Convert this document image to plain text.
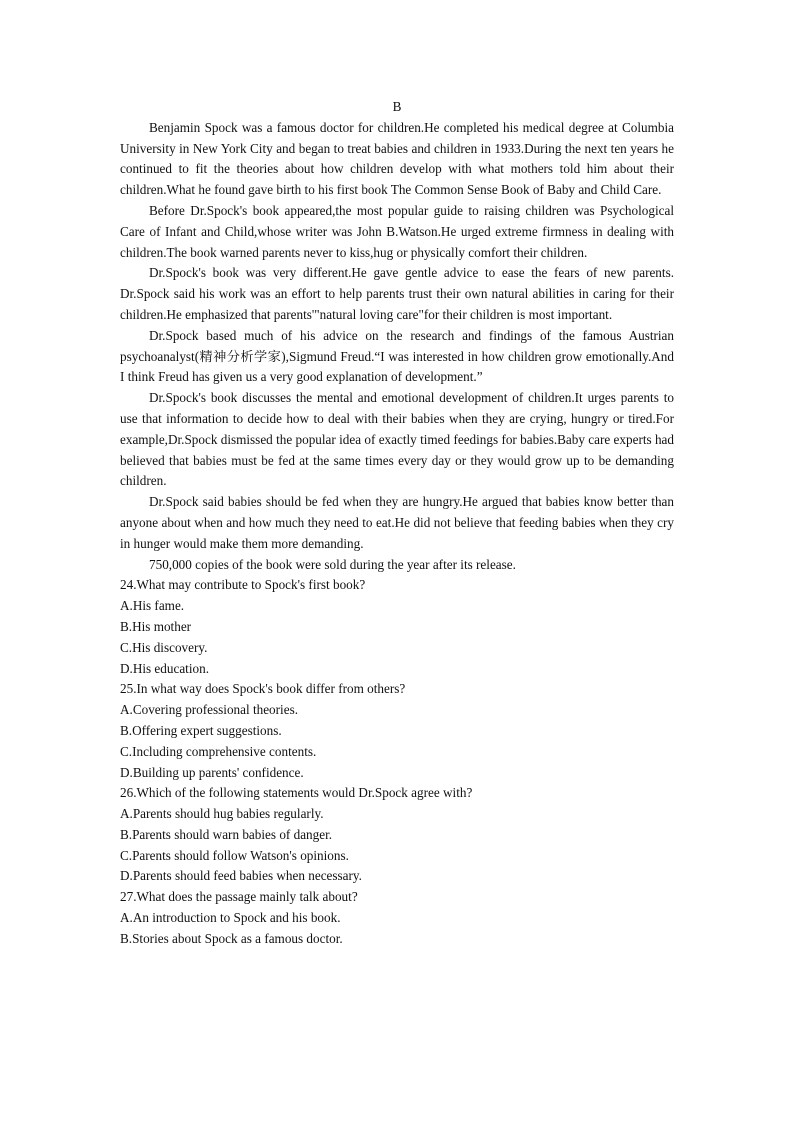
B

Benjamin Spock was a famous doctor for children.He completed his medical degree at Columbia University in New York City and began to treat babies and children in 1933.During the next ten years he continued to fit the theories about how children develop with what mothers told him about their children.What he found gave birth to his first book The Common Sense Book of Baby and Child Care.

Before Dr.Spock's book appeared,the most popular guide to raising children was Psychological Care of Infant and Child,whose writer was John B.Watson.He urged extreme firmness in dealing with children.The book warned parents never to kiss,hug or physically comfort their children.

Dr.Spock's book was very different.He gave gentle advice to ease the fears of new parents. Dr.Spock said his work was an effort to help parents trust their own natural abilities in caring for their children.He emphasized that parents'"natural loving care"for their children is most important.

Dr.Spock based much of his advice on the research and findings of the famous Austrian psychoanalyst(精神分析学家),Sigmund Freud.“I was interested in how children grow emotionally.And I think Freud has given us a very good explanation of development.”

Dr.Spock's book discusses the mental and emotional development of children.It urges parents to use that information to decide how to deal with their babies when they are crying, hungry or tired.For example,Dr.Spock dismissed the popular idea of exactly timed feedings for babies.Baby care experts had believed that babies must be fed at the same times every day or they would grow up to be demanding children.

Dr.Spock said babies should be fed when they are hungry.He argued that babies know better than anyone about when and how much they need to eat.He did not believe that feeding babies when they cry in hunger would make them more demanding.

750,000 copies of the book were sold during the year after its release.

24.What may contribute to Spock's first book?

A.His fame.

B.His mother

C.His discovery.

D.His education.

25.In what way does Spock's book differ from others?

A.Covering professional theories.

B.Offering expert suggestions.

C.Including comprehensive contents.

D.Building up parents' confidence.

26.Which of the following statements would Dr.Spock agree with?

A.Parents should hug babies regularly.

B.Parents should warn babies of danger.

C.Parents should follow Watson's opinions.

D.Parents should feed babies when necessary.

27.What does the passage mainly talk about?

A.An introduction to Spock and his book.

B.Stories about Spock as a famous doctor.
